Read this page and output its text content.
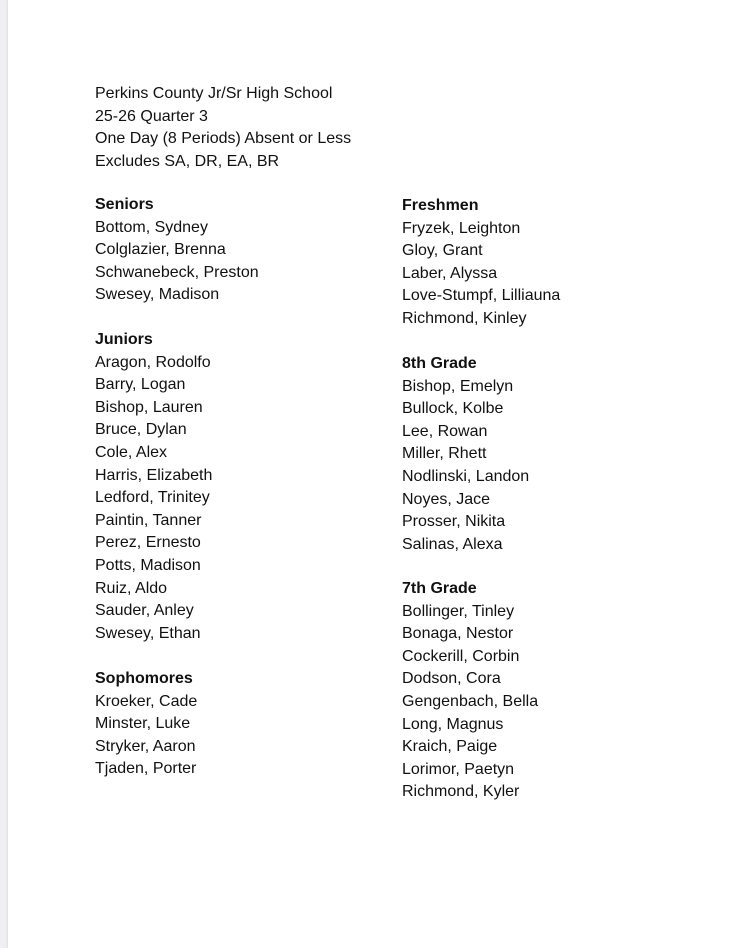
Perkins County Jr/Sr High School
25-26 Quarter 3
One Day (8 Periods) Absent or Less
Excludes SA, DR, EA, BR
Seniors
Bottom, Sydney
Colglazier, Brenna
Schwanebeck, Preston
Swesey, Madison
Juniors
Aragon, Rodolfo
Barry, Logan
Bishop, Lauren
Bruce, Dylan
Cole, Alex
Harris, Elizabeth
Ledford, Trinitey
Paintin, Tanner
Perez, Ernesto
Potts, Madison
Ruiz, Aldo
Sauder, Anley
Swesey, Ethan
Sophomores
Kroeker, Cade
Minster, Luke
Stryker, Aaron
Tjaden, Porter
Freshmen
Fryzek, Leighton
Gloy, Grant
Laber, Alyssa
Love-Stumpf, Lilliauna
Richmond, Kinley
8th Grade
Bishop, Emelyn
Bullock, Kolbe
Lee, Rowan
Miller, Rhett
Nodlinski, Landon
Noyes, Jace
Prosser, Nikita
Salinas, Alexa
7th Grade
Bollinger, Tinley
Bonaga, Nestor
Cockerill, Corbin
Dodson, Cora
Gengenbach, Bella
Long, Magnus
Kraich, Paige
Lorimor, Paetyn
Richmond, Kyler
